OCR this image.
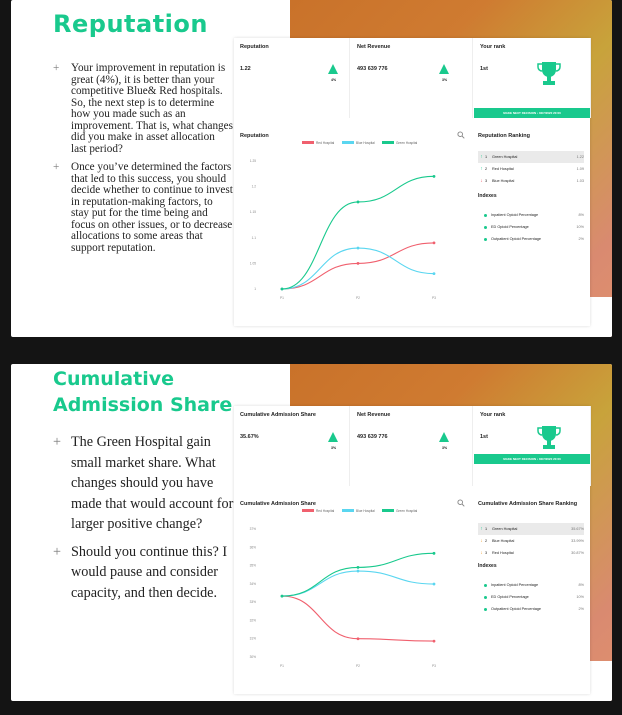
Reputation
+ Your improvement in reputation is great (4%), it is better than your competitive Blue& Red hospitals. So, the next step is to determine how you made such as an improvement. That is, what changes did you make in asset allocation last period?
+ Once you’ve determined the factors that led to this success, you should decide whether to continue to invest in reputation-making factors, to stay put for the time being and focus on other issues, or to decrease allocations to some areas that support reputation.
Reputation
1.22
4%
Net Revenue
493 639 776
3%
Your rank
1st
MAKE NEXT DECISION • 30/7/2020 20:00
Reputation
Red Hospital	Blue Hospital	Green Hospital
1.25
1.2
1.15
1.1
1.05
1
P1	P2	P3
Reputation Ranking
↑ 1	Green Hospital	1.22
↑ 2	Red Hospital	1.09
↓ 3	Blue Hospital	1.03
Indexes
Inpatient Opioid Percentage	8%
ED Opioid Percentage	10%
Outpatient Opioid Percentage	2%
Cumulative Admission Share
+ The Green Hospital gain small market share. What changes should you have made that would account for larger positive change?
+ Should you continue this? I would pause and consider capacity, and then decide.
Cumulative Admission Share
35.67%
3%
Net Revenue
493 639 776
3%
Your rank
1st
MAKE NEXT DECISION • 30/7/2020 20:00
Cumulative Admission Share
Red Hospital	Blue Hospital	Green Hospital
37%
36%
35%
34%
33%
32%
31%
30%
P1	P2	P3
Cumulative Admission Share Ranking
↑ 1	Green Hospital	35.67%
↓ 2	Blue Hospital	33.99%
↓ 3	Red Hospital	30.87%
Indexes
Inpatient Opioid Percentage	8%
ED Opioid Percentage	10%
Outpatient Opioid Percentage	2%
